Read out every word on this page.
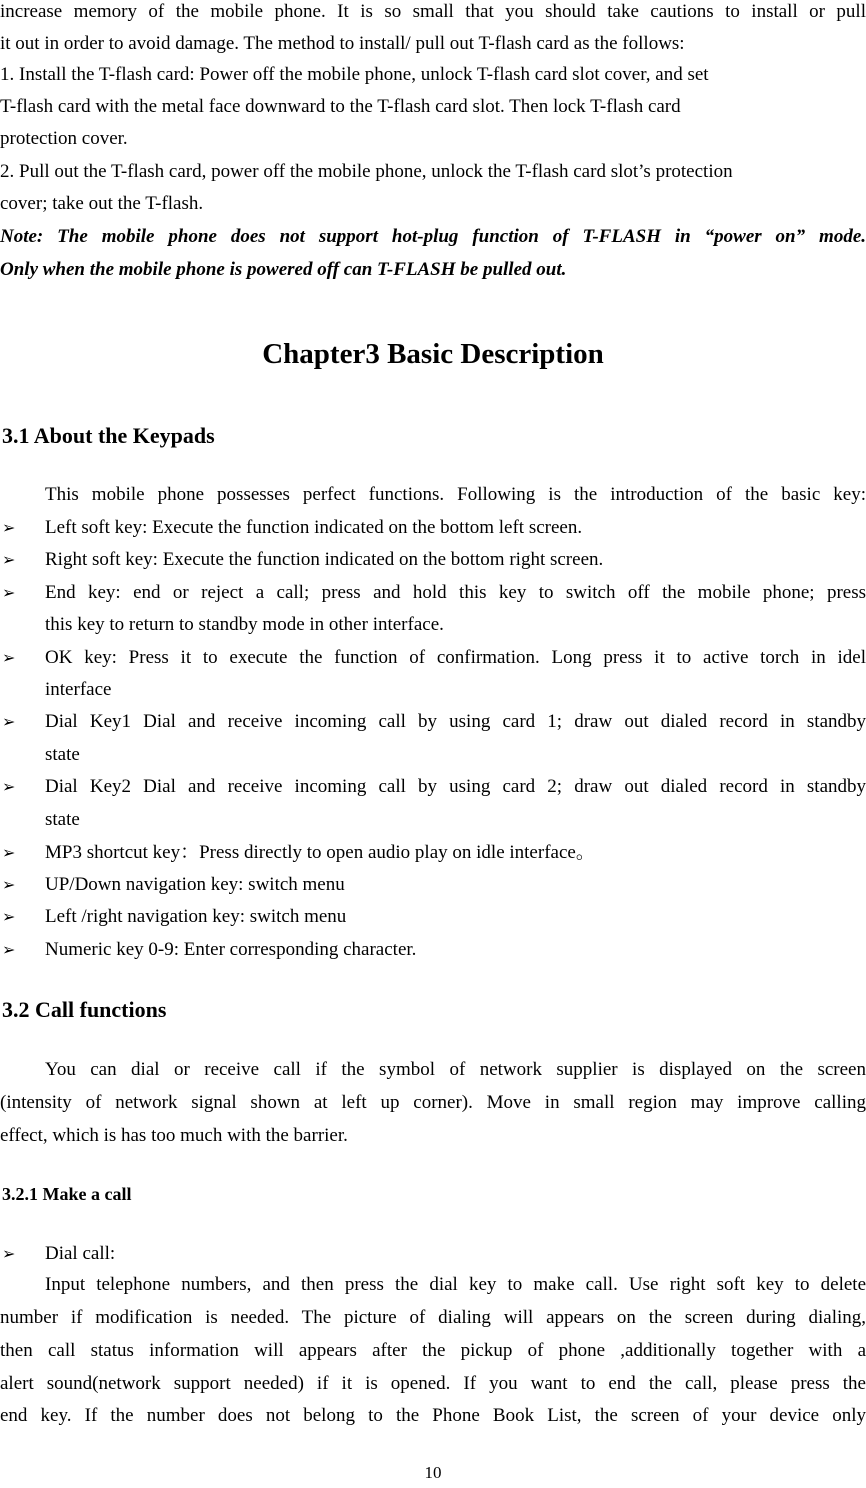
increase memory of the mobile phone. It is so small that you should take cautions to install or pull
it out in order to avoid damage. The method to install/ pull out T-flash card as the follows:
1. Install the T-flash card: Power off the mobile phone, unlock T-flash card slot cover, and set
T-flash card with the metal face downward to the T-flash card slot. Then lock T-flash card
protection cover.
2. Pull out the T-flash card, power off the mobile phone, unlock the T-flash card slot’s protection
cover; take out the T-flash.
Note: The mobile phone does not support hot-plug function of T-FLASH in “power on” mode.
Only when the mobile phone is powered off can T-FLASH be pulled out.
Chapter3 Basic Description
3.1 About the Keypads
This mobile phone possesses perfect functions. Following is the introduction of the basic key:
➢ Left soft key: Execute the function indicated on the bottom left screen.
➢ Right soft key: Execute the function indicated on the bottom right screen.
➢ End key: end or reject a call; press and hold this key to switch off the mobile phone; press
this key to return to standby mode in other interface.
➢ OK key: Press it to execute the function of confirmation. Long press it to active torch in idel
interface
➢ Dial Key1 Dial and receive incoming call by using card 1; draw out dialed record in standby
state
➢ Dial Key2 Dial and receive incoming call by using card 2; draw out dialed record in standby
state
➢ MP3 shortcut key：Press directly to open audio play on idle interface。
➢ UP/Down navigation key: switch menu
➢ Left /right navigation key: switch menu
➢ Numeric key 0-9: Enter corresponding character.
3.2 Call functions
You can dial or receive call if the symbol of network supplier is displayed on the screen
(intensity of network signal shown at left up corner). Move in small region may improve calling
effect, which is has too much with the barrier.
3.2.1 Make a call
➢ Dial call:
Input telephone numbers, and then press the dial key to make call. Use right soft key to delete
number if modification is needed. The picture of dialing will appears on the screen during dialing,
then call status information will appears after the pickup of phone ,additionally together with a
alert sound(network support needed) if it is opened. If you want to end the call, please press the
end key. If the number does not belong to the Phone Book List, the screen of your device only
10
